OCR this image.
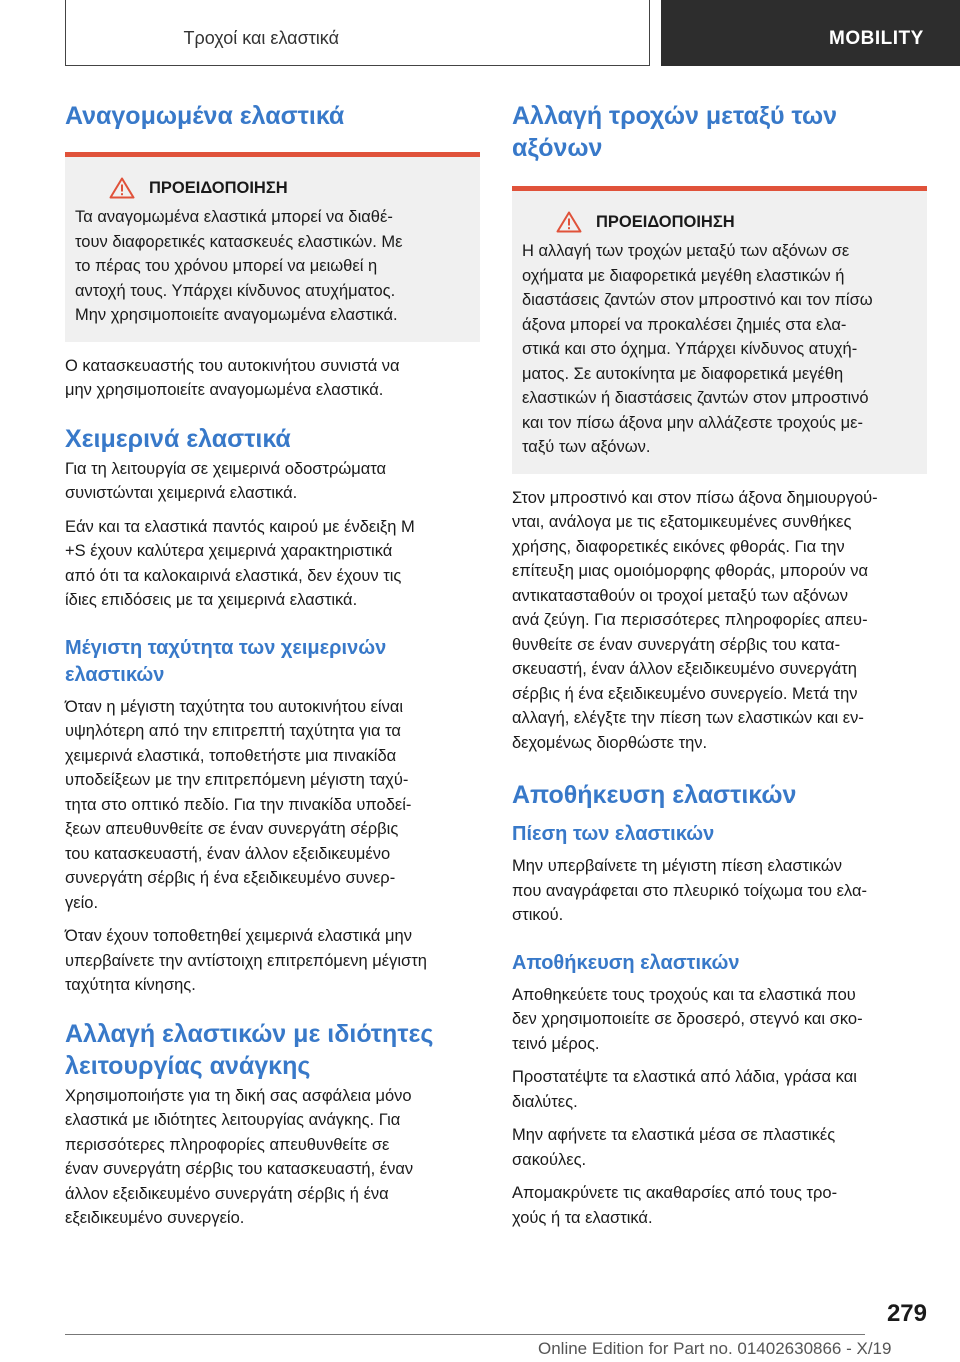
Τροχοί και ελαστικά	MOBILITY
Αναγομωμένα ελαστικά
ΠΡΟΕΙΔΟΠΟΙΗΣΗ

Τα αναγομωμένα ελαστικά μπορεί να διαθέ-
τουν διαφορετικές κατασκευές ελαστικών. Με
το πέρας του χρόνου μπορεί να μειωθεί η
αντοχή τους. Υπάρχει κίνδυνος ατυχήματος.
Μην χρησιμοποιείτε αναγομωμένα ελαστικά.

Ο κατασκευαστής του αυτοκινήτου συνιστά να
μην χρησιμοποιείτε αναγομωμένα ελαστικά.

Χειμερινά ελαστικά

Για τη λειτουργία σε χειμερινά οδοστρώματα
συνιστώνται χειμερινά ελαστικά.

Εάν και τα ελαστικά παντός καιρού με ένδειξη M
+S έχουν καλύτερα χειμερινά χαρακτηριστικά
από ότι τα καλοκαιρινά ελαστικά, δεν έχουν τις
ίδιες επιδόσεις με τα χειμερινά ελαστικά.

Μέγιστη ταχύτητα των χειμερινών
ελαστικών

Όταν η μέγιστη ταχύτητα του αυτοκινήτου είναι
υψηλότερη από την επιτρεπτή ταχύτητα για τα
χειμερινά ελαστικά, τοποθετήστε μια πινακίδα
υποδείξεων με την επιτρεπόμενη μέγιστη ταχύ-
τητα στο οπτικό πεδίο. Για την πινακίδα υποδεί-
ξεων απευθυνθείτε σε έναν συνεργάτη σέρβις
του κατασκευαστή, έναν άλλον εξειδικευμένο
συνεργάτη σέρβις ή ένα εξειδικευμένο συνερ-
γείο.

Όταν έχουν τοποθετηθεί χειμερινά ελαστικά μην
υπερβαίνετε την αντίστοιχη επιτρεπόμενη μέγιστη
ταχύτητα κίνησης.

Αλλαγή ελαστικών με ιδιότητες
λειτουργίας ανάγκης

Χρησιμοποιήστε για τη δική σας ασφάλεια μόνο
ελαστικά με ιδιότητες λειτουργίας ανάγκης. Για
περισσότερες πληροφορίες απευθυνθείτε σε
έναν συνεργάτη σέρβις του κατασκευαστή, έναν
άλλον εξειδικευμένο συνεργάτη σέρβις ή ένα
εξειδικευμένο συνεργείο.

Αλλαγή τροχών μεταξύ των
αξόνων
ΠΡΟΕΙΔΟΠΟΙΗΣΗ

Η αλλαγή των τροχών μεταξύ των αξόνων σε
οχήματα με διαφορετικά μεγέθη ελαστικών ή
διαστάσεις ζαντών στον μπροστινό και τον πίσω
άξονα μπορεί να προκαλέσει ζημιές στα ελα-
στικά και στο όχημα. Υπάρχει κίνδυνος ατυχή-
ματος. Σε αυτοκίνητα με διαφορετικά μεγέθη
ελαστικών ή διαστάσεις ζαντών στον μπροστινό
και τον πίσω άξονα μην αλλάζεστε τροχούς με-
ταξύ των αξόνων.

Στον μπροστινό και στον πίσω άξονα δημιουργού-
νται, ανάλογα με τις εξατομικευμένες συνθήκες
χρήσης, διαφορετικές εικόνες φθοράς. Για την
επίτευξη μιας ομοιόμορφης φθοράς, μπορούν να
αντικατασταθούν οι τροχοί μεταξύ των αξόνων
ανά ζεύγη. Για περισσότερες πληροφορίες απευ-
θυνθείτε σε έναν συνεργάτη σέρβις του κατα-
σκευαστή, έναν άλλον εξειδικευμένο συνεργάτη
σέρβις ή ένα εξειδικευμένο συνεργείο. Μετά την
αλλαγή, ελέγξτε την πίεση των ελαστικών και εν-
δεχομένως διορθώστε την.

Αποθήκευση ελαστικών
Πίεση των ελαστικών

Μην υπερβαίνετε τη μέγιστη πίεση ελαστικών
που αναγράφεται στο πλευρικό τοίχωμα του ελα-
στικού.

Αποθήκευση ελαστικών

Αποθηκεύετε τους τροχούς και τα ελαστικά που
δεν χρησιμοποιείτε σε δροσερό, στεγνό και σκο-
τεινό μέρος.

Προστατέψτε τα ελαστικά από λάδια, γράσα και
διαλύτες.

Μην αφήνετε τα ελαστικά μέσα σε πλαστικές
σακούλες.

Απομακρύνετε τις ακαθαρσίες από τους τρο-
χούς ή τα ελαστικά.

279
Online Edition for Part no. 01402630866 - X/19
